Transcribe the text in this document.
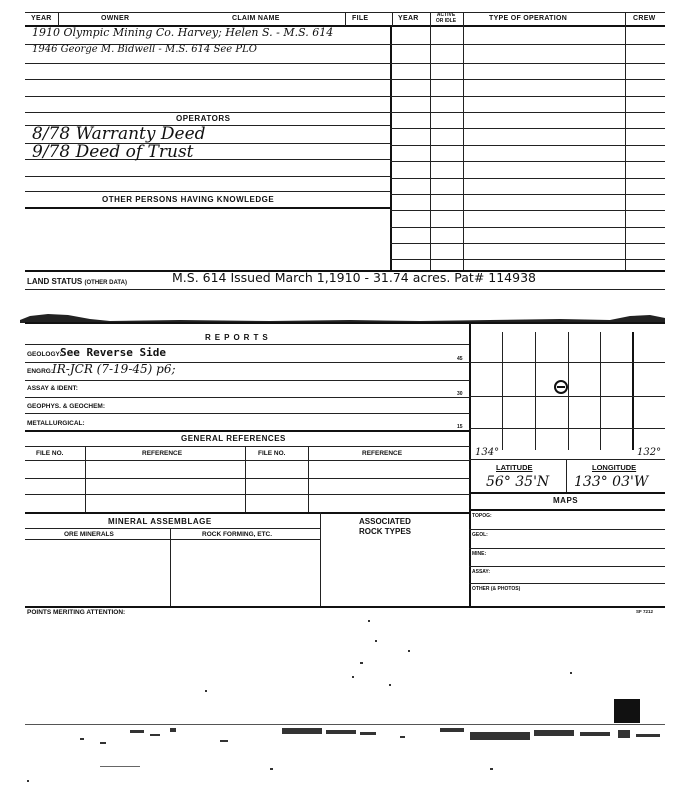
YEAR	OWNER	CLAIM NAME	FILE	YEAR	ACTIVE
OR IDLE	TYPE OF OPERATION	CREW
1910 Olympic Mining Co. Harvey; Helen S. - M.S. 614
1946 George M. Bidwell - M.S. 614 See PLO
OPERATORS
8/78 Warranty Deed
9/78 Deed of Trust
OTHER PERSONS HAVING KNOWLEDGE
LAND STATUS (OTHER DATA)	M.S. 614 Issued March 1,1910 - 31.74 acres. Pat# 114938
REPORTS
GEOLOGY:
See Reverse Side	45
ENGRG: IR-JCR (7-19-45) p6;
ASSAY & IDENT:
30
GEOPHYS. & GEOCHEM:
METALLURGICAL:	15
GENERAL REFERENCES
FILE NO.	REFERENCE	FILE NO.	REFERENCE
MINERAL ASSEMBLAGE	ASSOCIATED
ROCK TYPES
ORE MINERALS	ROCK FORMING, ETC.
134°	132°
LATITUDE	LONGITUDE
56° 35'N 133° 03'W
MAPS
TOPOG:
GEOL:
MINE:
ASSAY:
OTHER (& PHOTOS)
POINTS MERITING ATTENTION:	SF 7212
